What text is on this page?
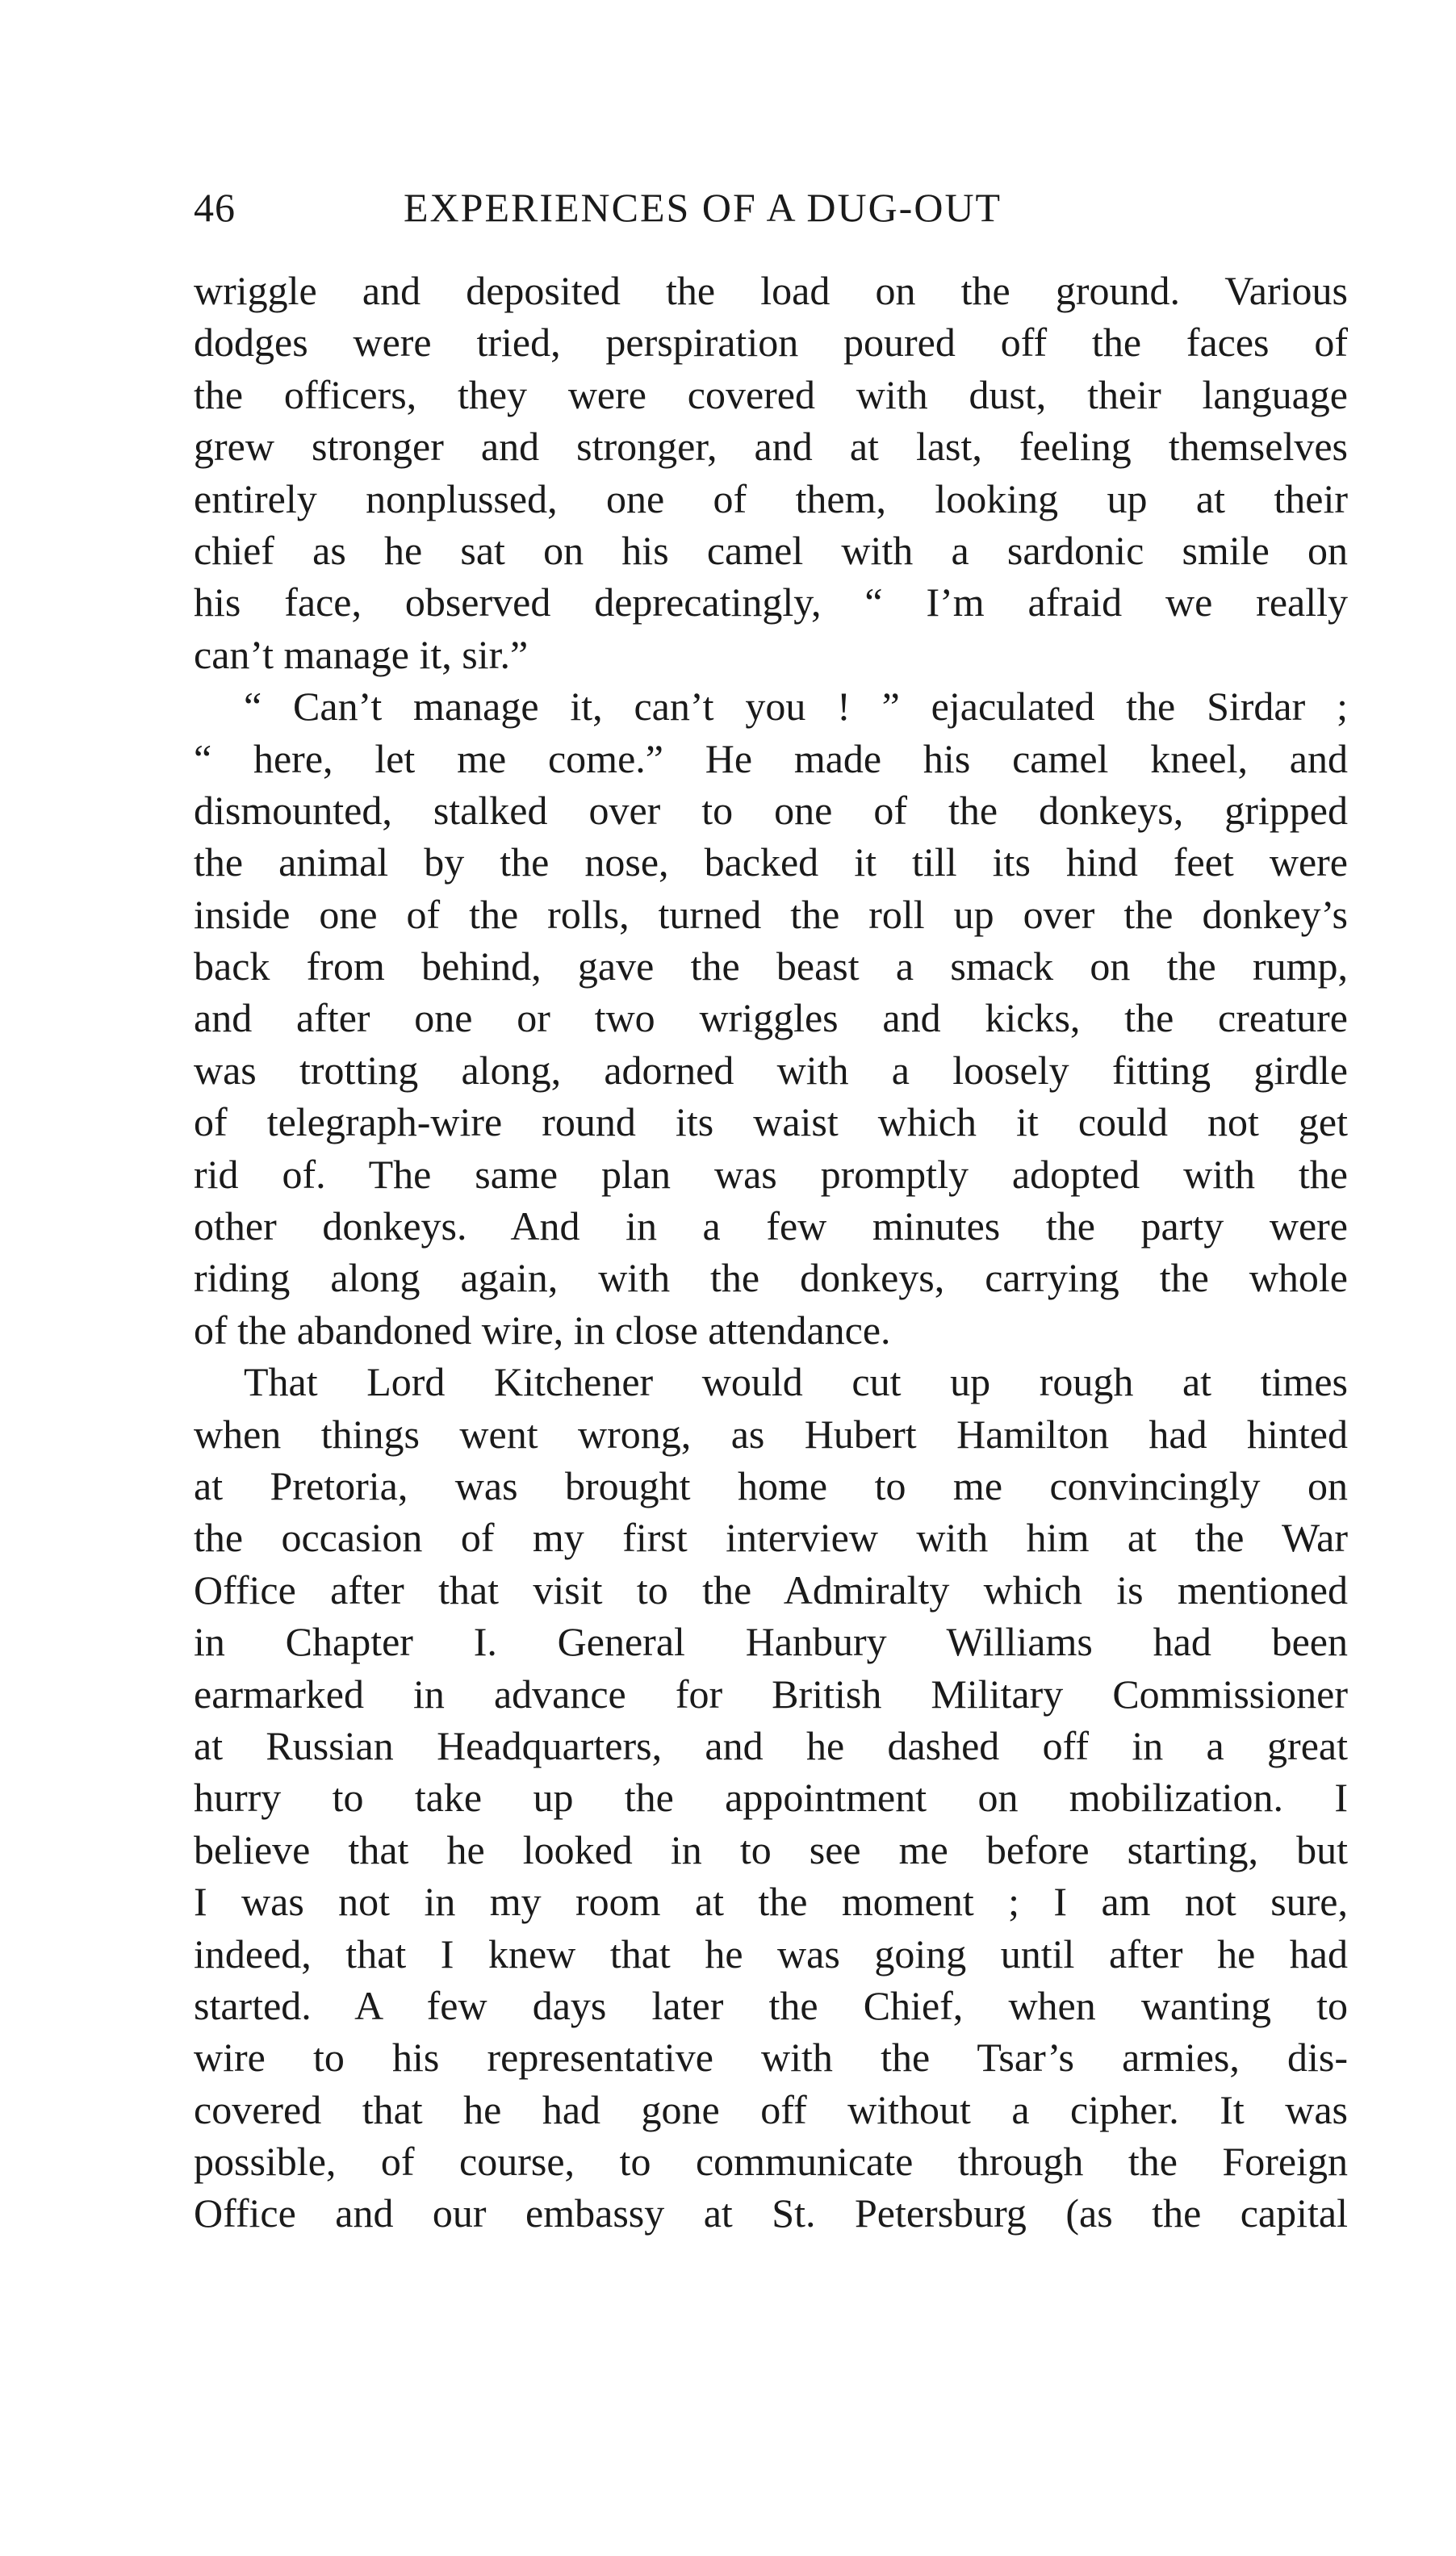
46	EXPERIENCES OF A DUG-OUT
wriggle and deposited the load on the ground. Various
dodges were tried, perspiration poured off the faces of
the officers, they were covered with dust, their language
grew stronger and stronger, and at last, feeling themselves
entirely nonplussed, one of them, looking up at their
chief as he sat on his camel with a sardonic smile on
his face, observed deprecatingly, “ I’m afraid we really
can’t manage it, sir.”
“ Can’t manage it, can’t you ! ” ejaculated the Sirdar ;
“ here, let me come.” He made his camel kneel, and
dismounted, stalked over to one of the donkeys, gripped
the animal by the nose, backed it till its hind feet were
inside one of the rolls, turned the roll up over the donkey’s
back from behind, gave the beast a smack on the rump,
and after one or two wriggles and kicks, the creature
was trotting along, adorned with a loosely fitting girdle
of telegraph-wire round its waist which it could not get
rid of. The same plan was promptly adopted with the
other donkeys. And in a few minutes the party were
riding along again, with the donkeys, carrying the whole
of the abandoned wire, in close attendance.
That Lord Kitchener would cut up rough at times
when things went wrong, as Hubert Hamilton had hinted
at Pretoria, was brought home to me convincingly on
the occasion of my first interview with him at the War
Office after that visit to the Admiralty which is mentioned
in Chapter I. General Hanbury Williams had been
earmarked in advance for British Military Commissioner
at Russian Headquarters, and he dashed off in a great
hurry to take up the appointment on mobilization. I
believe that he looked in to see me before starting, but
I was not in my room at the moment ; I am not sure,
indeed, that I knew that he was going until after he had
started. A few days later the Chief, when wanting to
wire to his representative with the Tsar’s armies, dis-
covered that he had gone off without a cipher. It was
possible, of course, to communicate through the Foreign
Office and our embassy at St. Petersburg (as the capital
